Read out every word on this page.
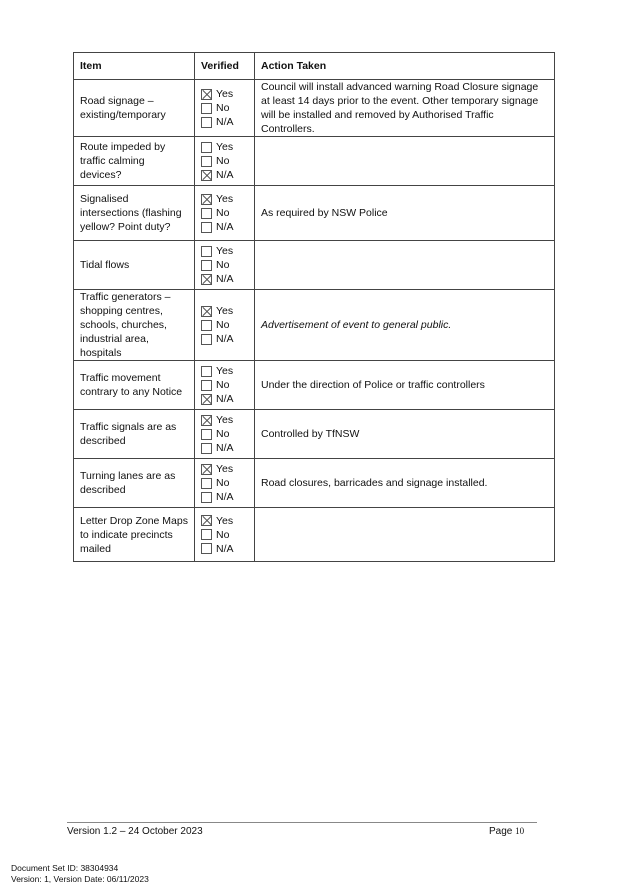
Item	Verified	Action Taken
Road signage – existing/temporary	Yes
No
N/A	Council will install advanced warning Road Closure signage at least 14 days prior to the event. Other temporary signage will be installed and removed by Authorised Traffic Controllers.
Route impeded by traffic calming devices?	Yes
No
N/A	

Signalised intersections (flashing yellow? Point duty?	Yes
No
N/A	As required by NSW Police
Tidal flows	Yes
No
N/A	

Traffic generators – shopping centres, schools, churches, industrial area, hospitals	Yes
No
N/A	Advertisement of event to general public.
Traffic movement contrary to any Notice	Yes
No
N/A	Under the direction of Police or traffic controllers
Traffic signals are as described	Yes
No
N/A	Controlled by TfNSW
Turning lanes are as described	Yes
No
N/A	Road closures, barricades and signage installed.
Letter Drop Zone Maps to indicate precincts mailed	Yes
No
N/A	

Version 1.2 – 24 October 2023	Page 10
Document Set ID: 38304934
Version: 1, Version Date: 06/11/2023
